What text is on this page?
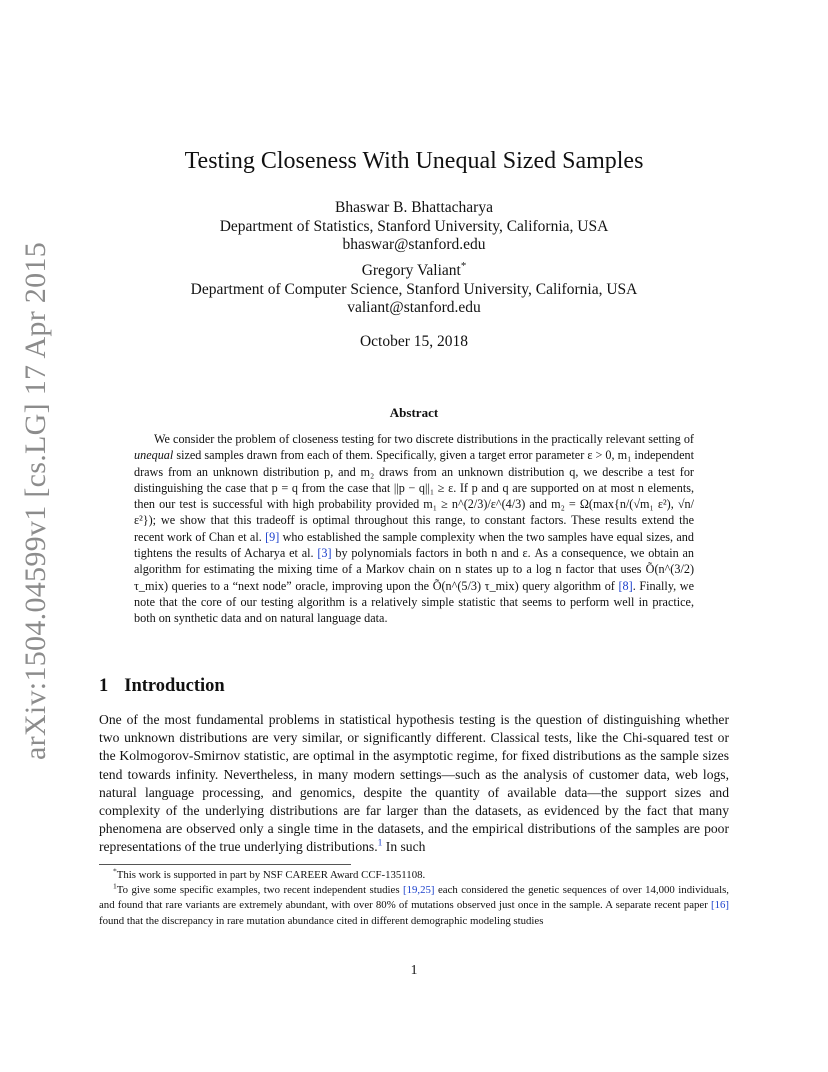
arXiv:1504.04599v1 [cs.LG] 17 Apr 2015
Testing Closeness With Unequal Sized Samples
Bhaswar B. Bhattacharya
Department of Statistics, Stanford University, California, USA
bhaswar@stanford.edu
Gregory Valiant*
Department of Computer Science, Stanford University, California, USA
valiant@stanford.edu
October 15, 2018
Abstract

We consider the problem of closeness testing for two discrete distributions in the practically relevant setting of unequal sized samples drawn from each of them. Specifically, given a target error parameter ε > 0, m₁ independent draws from an unknown distribution p, and m₂ draws from an unknown distribution q, we describe a test for distinguishing the case that p = q from the case that ||p − q||₁ ≥ ε. If p and q are supported on at most n elements, then our test is successful with high probability provided m₁ ≥ n^(2/3)/ε^(4/3) and m₂ = Ω(max{n/(√m₁ ε²), √n/ε²}); we show that this tradeoff is optimal throughout this range, to constant factors. These results extend the recent work of Chan et al. [9] who established the sample complexity when the two samples have equal sizes, and tightens the results of Acharya et al. [3] by polynomials factors in both n and ε. As a consequence, we obtain an algorithm for estimating the mixing time of a Markov chain on n states up to a log n factor that uses Õ(n^(3/2) τ_mix) queries to a “next node” oracle, improving upon the Õ(n^(5/3) τ_mix) query algorithm of [8]. Finally, we note that the core of our testing algorithm is a relatively simple statistic that seems to perform well in practice, both on synthetic data and on natural language data.

1 Introduction

One of the most fundamental problems in statistical hypothesis testing is the question of distinguishing whether two unknown distributions are very similar, or significantly different. Classical tests, like the Chi-squared test or the Kolmogorov-Smirnov statistic, are optimal in the asymptotic regime, for fixed distributions as the sample sizes tend towards infinity. Nevertheless, in many modern settings—such as the analysis of customer data, web logs, natural language processing, and genomics, despite the quantity of available data—the support sizes and complexity of the underlying distributions are far larger than the datasets, as evidenced by the fact that many phenomena are observed only a single time in the datasets, and the empirical distributions of the samples are poor representations of the true underlying distributions.$^1$ In such

*This work is supported in part by NSF CAREER Award CCF-1351108.

$^1$To give some specific examples, two recent independent studies [19,25] each considered the genetic sequences of over 14,000 individuals, and found that rare variants are extremely abundant, with over 80% of mutations observed just once in the sample. A separate recent paper [16] found that the discrepancy in rare mutation abundance cited in different demographic modeling studies

1
